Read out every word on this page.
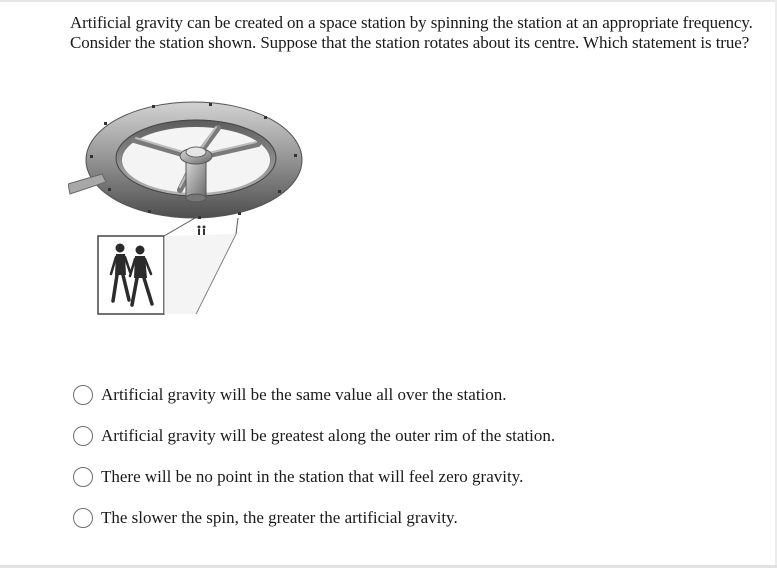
Artificial gravity can be created on a space station by spinning the station at an appropriate frequency. Consider the station shown. Suppose that the station rotates about its centre. Which statement is true?
Artificial gravity will be the same value all over the station.
Artificial gravity will be greatest along the outer rim of the station.
There will be no point in the station that will feel zero gravity.
The slower the spin, the greater the artificial gravity.
